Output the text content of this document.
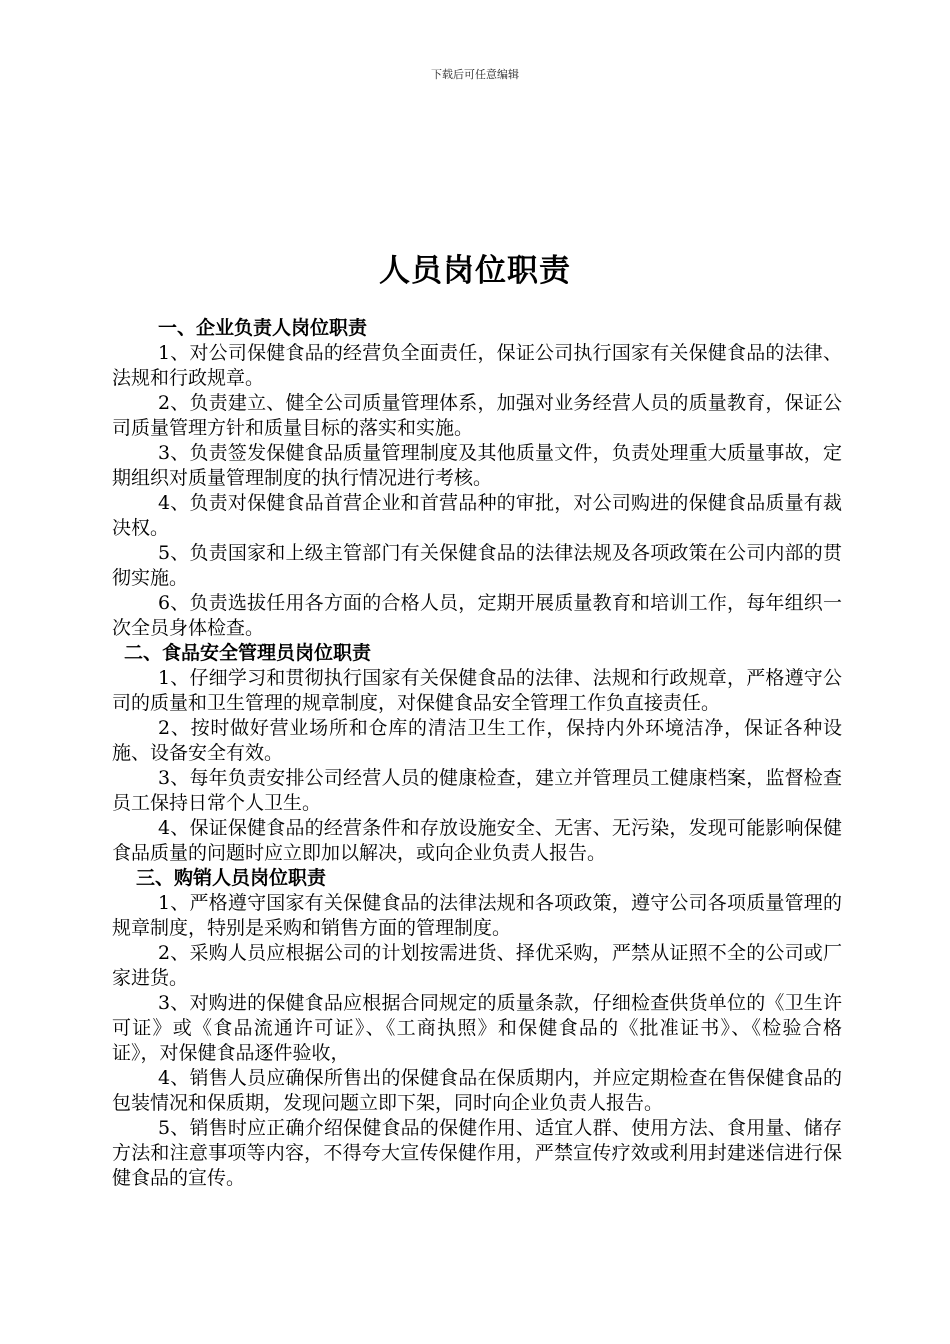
下载后可任意编辑
人员岗位职责
一、企业负责人岗位职责
1、对公司保健食品的经营负全面责任，保证公司执行国家有关保健食品的法律、法规和行政规章。
2、负责建立、健全公司质量管理体系，加强对业务经营人员的质量教育，保证公司质量管理方针和质量目标的落实和实施。
3、负责签发保健食品质量管理制度及其他质量文件，负责处理重大质量事故，定期组织对质量管理制度的执行情况进行考核。
4、负责对保健食品首营企业和首营品种的审批，对公司购进的保健食品质量有裁决权。
5、负责国家和上级主管部门有关保健食品的法律法规及各项政策在公司内部的贯彻实施。
6、负责选拔任用各方面的合格人员，定期开展质量教育和培训工作，每年组织一次全员身体检查。
二、食品安全管理员岗位职责
1、仔细学习和贯彻执行国家有关保健食品的法律、法规和行政规章，严格遵守公司的质量和卫生管理的规章制度，对保健食品安全管理工作负直接责任。
2、按时做好营业场所和仓库的清洁卫生工作，保持内外环境洁净，保证各种设施、设备安全有效。
3、每年负责安排公司经营人员的健康检查，建立并管理员工健康档案，监督检查员工保持日常个人卫生。
4、保证保健食品的经营条件和存放设施安全、无害、无污染，发现可能影响保健食品质量的问题时应立即加以解决，或向企业负责人报告。
三、购销人员岗位职责
1、严格遵守国家有关保健食品的法律法规和各项政策，遵守公司各项质量管理的规章制度，特别是采购和销售方面的管理制度。
2、采购人员应根据公司的计划按需进货、择优采购，严禁从证照不全的公司或厂家进货。
3、对购进的保健食品应根据合同规定的质量条款，仔细检查供货单位的《卫生许可证》或《食品流通许可证》、《工商执照》和保健食品的《批准证书》、《检验合格证》，对保健食品逐件验收，
4、销售人员应确保所售出的保健食品在保质期内，并应定期检查在售保健食品的包装情况和保质期，发现问题立即下架，同时向企业负责人报告。
5、销售时应正确介绍保健食品的保健作用、适宜人群、使用方法、食用量、储存方法和注意事项等内容，不得夸大宣传保健作用，严禁宣传疗效或利用封建迷信进行保健食品的宣传。
